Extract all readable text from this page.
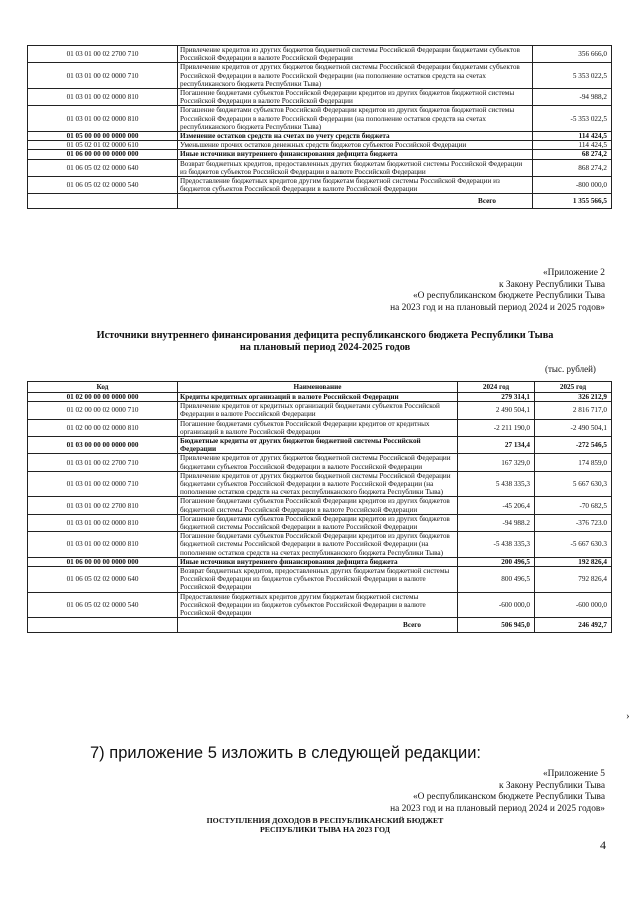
01 03 01 00 02 2700 710	Привлечение кредитов из других бюджетов бюджетной системы Российской Федерации бюджетами субъектов Российской Федерации в валюте Российской Федерации	356 666,0
01 03 01 00 02 0000 710	Привлечение кредитов от других бюджетов бюджетной системы Российской Федерации бюджетами субъектов Российской Федерации в валюте Российской Федерации (на пополнение остатков средств на счетах республиканского бюджета Республики Тыва)	5 353 022,5
01 03 01 00 02 0000 810	Погашение бюджетами субъектов Российской Федерации кредитов из других бюджетов бюджетной системы Российской Федерации в валюте Российской Федерации	-94 988,2
01 03 01 00 02 0000 810	Погашение бюджетами субъектов Российской Федерации кредитов из других бюджетов бюджетной системы Российской Федерации в валюте Российской Федерации (на пополнение остатков средств на счетах республиканского бюджета Республики Тыва)	-5 353 022,5
01 05 00 00 00 0000 000	Изменение остатков средств на счетах по учету средств бюджета	114 424,5
01 05 02 01 02 0000 610	Уменьшение прочих остатков денежных средств бюджетов субъектов Российской Федерации	114 424,5
01 06 00 00 00 0000 000	Иные источники внутреннего финансирования дефицита бюджета	68 274,2
01 06 05 02 02 0000 640	Возврат бюджетных кредитов, предоставленных других бюджетам бюджетной системы Российской Федерации из бюджетов субъектов Российской Федерации в валюте Российской Федерации	868 274,2
01 06 05 02 02 0000 540	Предоставление бюджетных кредитов другим бюджетам бюджетной системы Российской Федерации из бюджетов субъектов Российской Федерации в валюте Российской Федерации	-800 000,0
	Всего	1 355 566,5
«Приложение 2
к Закону Республики Тыва
«О республиканском бюджете Республики Тыва
на 2023 год и на плановый период 2024 и 2025 годов»
Источники внутреннего финансирования дефицита республиканского бюджета Республики Тыва
на плановый период 2024-2025 годов
(тыс. рублей)
Код	Наименование	2024 год	2025 год
01 02 00 00 00 0000 000	Кредиты кредитных организаций в валюте Российской Федерации	279 314,1	326 212,9
01 02 00 00 02 0000 710	Привлечение кредитов от кредитных организаций бюджетами субъектов Российской Федерации в валюте Российской Федерации	2 490 504,1	2 816 717,0
01 02 00 00 02 0000 810	Погашение бюджетами субъектов Российской Федерации кредитов от кредитных организаций в валюте Российской Федерации	-2 211 190,0	-2 490 504,1
01 03 00 00 00 0000 000	Бюджетные кредиты от других бюджетов бюджетной системы Российской Федерации	27 134,4	-272 546,5
01 03 01 00 02 2700 710	Привлечение кредитов от других бюджетов бюджетной системы Российской Федерации бюджетами субъектов Российской Федерации в валюте Российской Федерации	167 329,0	174 859,0
01 03 01 00 02 0000 710	Привлечение кредитов от других бюджетов бюджетной системы Российской Федерации бюджетами субъектов Российской Федерации в валюте Российской Федерации (на пополнение остатков средств на счетах республиканского бюджета Республики Тыва)	5 438 335,3	5 667 630,3
01 03 01 00 02 2700 810	Погашение бюджетами субъектов Российской Федерации кредитов из других бюджетов бюджетной системы Российской Федерации в валюте Российской Федерации	-45 206,4	-70 682,5
01 03 01 00 02 0000 810	Погашение бюджетами субъектов Российской Федерации кредитов из других бюджетов бюджетной системы Российской Федерации в валюте Российской Федерации	-94 988.2	-376 723.0
01 03 01 00 02 0000 810	Погашение бюджетами субъектов Российской Федерации кредитов из других бюджетов бюджетной системы Российской Федерации в валюте Российской Федерации (на пополнение остатков средств на счетах республиканского бюджета Республики Тыва)	-5 438 335,3	-5 667 630.3
01 06 00 00 00 0000 000	Иные источники внутреннего финансирования дефицита бюджета	200 496,5	192 826,4
01 06 05 02 02 0000 640	Возврат бюджетных кредитов, предоставленных других бюджетам бюджетной системы Российской Федерации из бюджетов субъектов Российской Федерации в валюте Российской Федерации	800 496,5	792 826,4
01 06 05 02 02 0000 540	Предоставление бюджетных кредитов другим бюджетам бюджетной системы Российской Федерации из бюджетов субъектов Российской Федерации в валюте Российской Федерации	-600 000,0	-600 000,0
	Всего	506 945,0	246 492,7
›
7) приложение 5 изложить в следующей редакции:
«Приложение 5
к Закону Республики Тыва
«О республиканском бюджете Республики Тыва
на 2023 год и на плановый период 2024 и 2025 годов»
ПОСТУПЛЕНИЯ ДОХОДОВ В РЕСПУБЛИКАНСКИЙ БЮДЖЕТ
РЕСПУБЛИКИ ТЫВА НА 2023 ГОД
4
